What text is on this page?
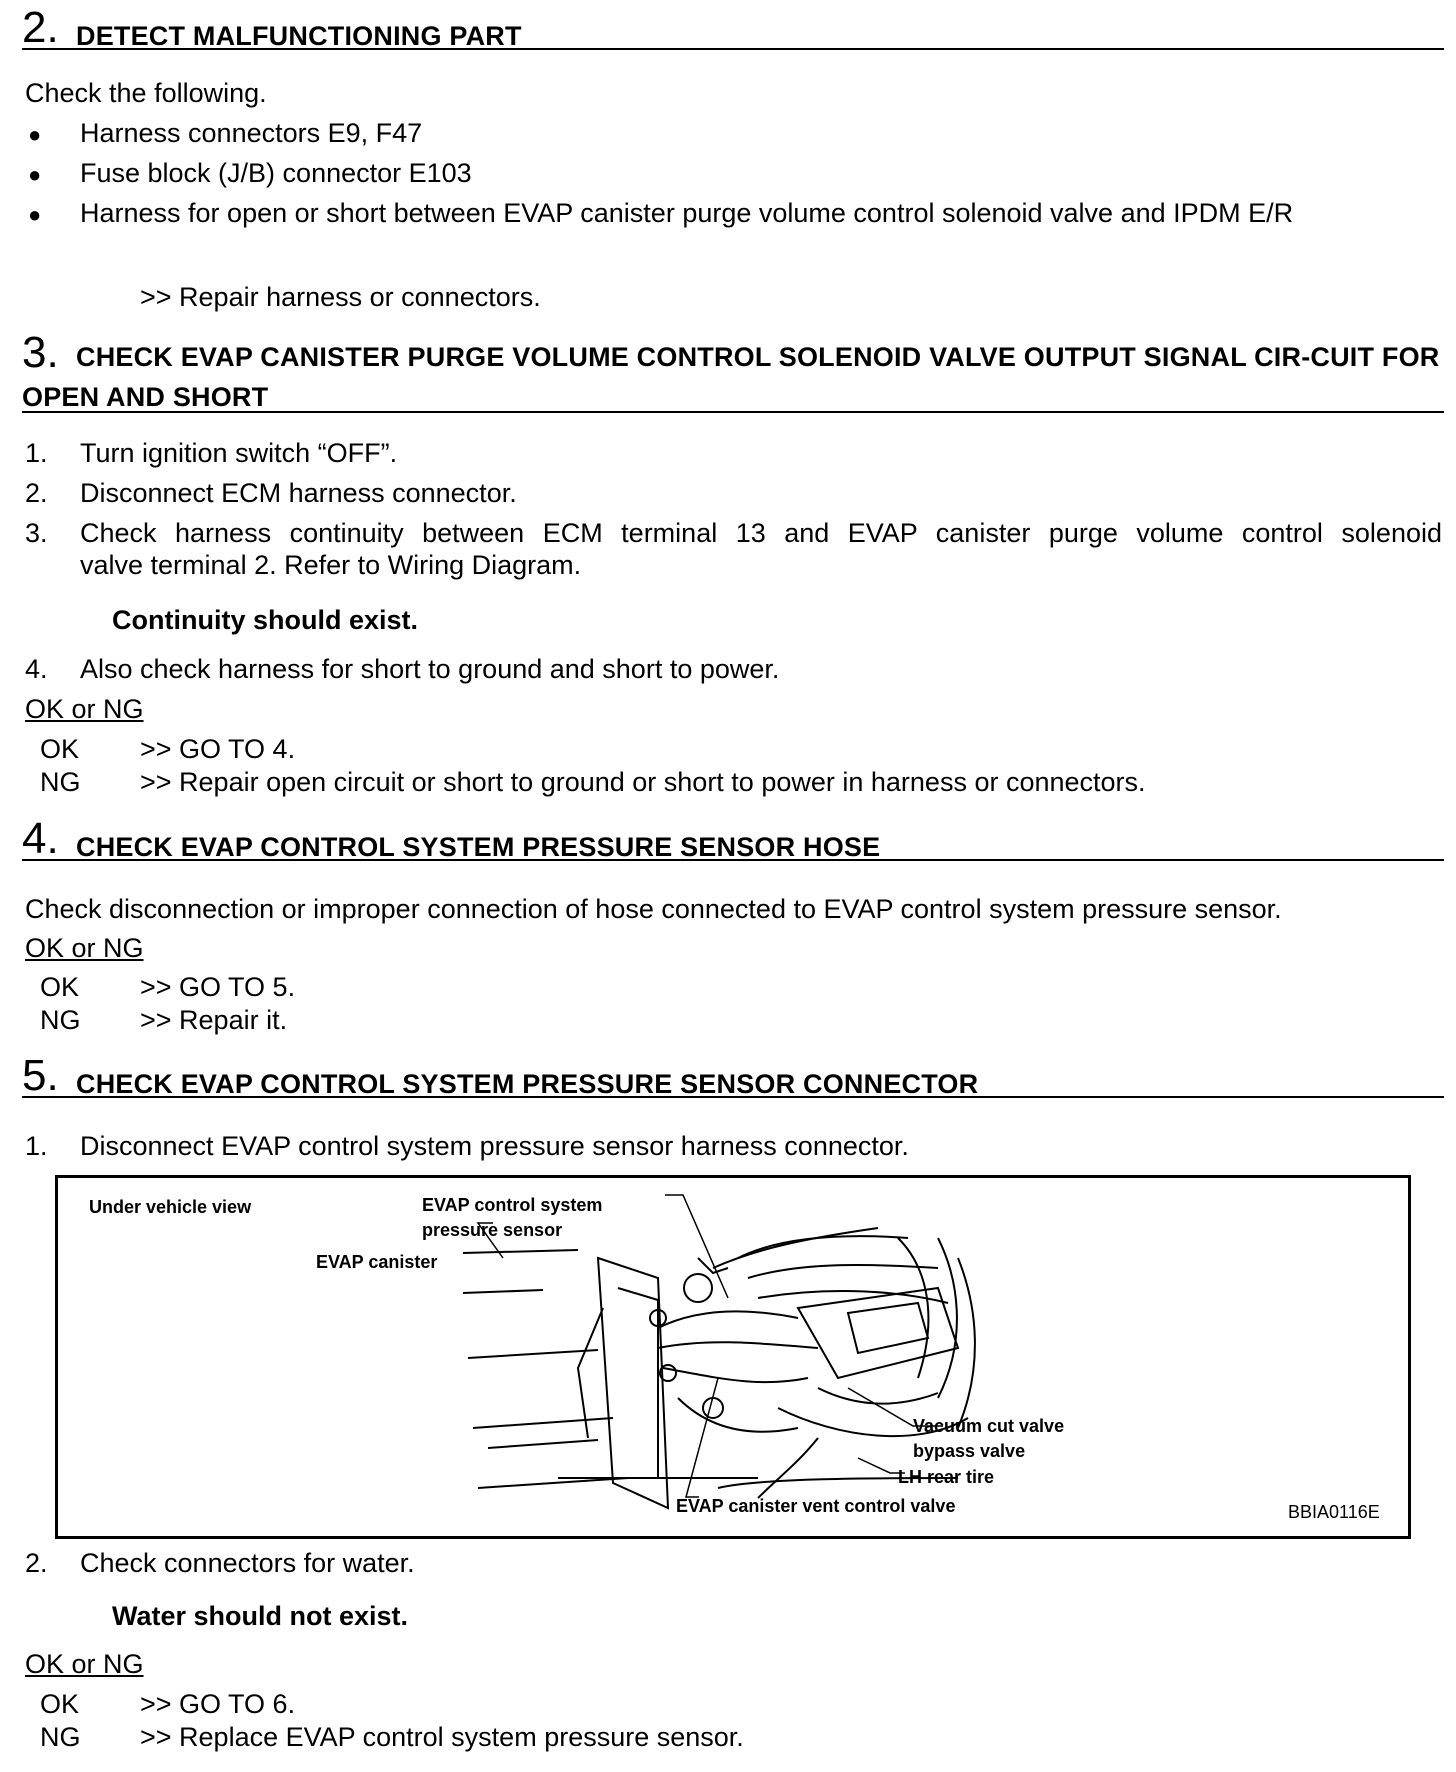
2. DETECT MALFUNCTIONING PART
Check the following.
● Harness connectors E9, F47
● Fuse block (J/B) connector E103
● Harness for open or short between EVAP canister purge volume control solenoid valve and IPDM E/R
>> Repair harness or connectors.
3. CHECK EVAP CANISTER PURGE VOLUME CONTROL SOLENOID VALVE OUTPUT SIGNAL CIR-CUIT FOR OPEN AND SHORT
1. Turn ignition switch “OFF”.
2. Disconnect ECM harness connector.
3. Check harness continuity between ECM terminal 13 and EVAP canister purge volume control solenoid
valve terminal 2. Refer to Wiring Diagram.
Continuity should exist.
4. Also check harness for short to ground and short to power.
OK or NG
OK >> GO TO 4.
NG >> Repair open circuit or short to ground or short to power in harness or connectors.
4. CHECK EVAP CONTROL SYSTEM PRESSURE SENSOR HOSE
Check disconnection or improper connection of hose connected to EVAP control system pressure sensor.
OK or NG
OK >> GO TO 5.
NG >> Repair it.
5. CHECK EVAP CONTROL SYSTEM PRESSURE SENSOR CONNECTOR
1. Disconnect EVAP control system pressure sensor harness connector.
Under vehicle view	EVAP control system
pressure sensor
EVAP canister
Vacuum cut valve
bypass valve
LH rear tire
EVAP canister vent control valve	BBIA0116E
2. Check connectors for water.
Water should not exist.
OK or NG
OK >> GO TO 6.
NG >> Replace EVAP control system pressure sensor.
